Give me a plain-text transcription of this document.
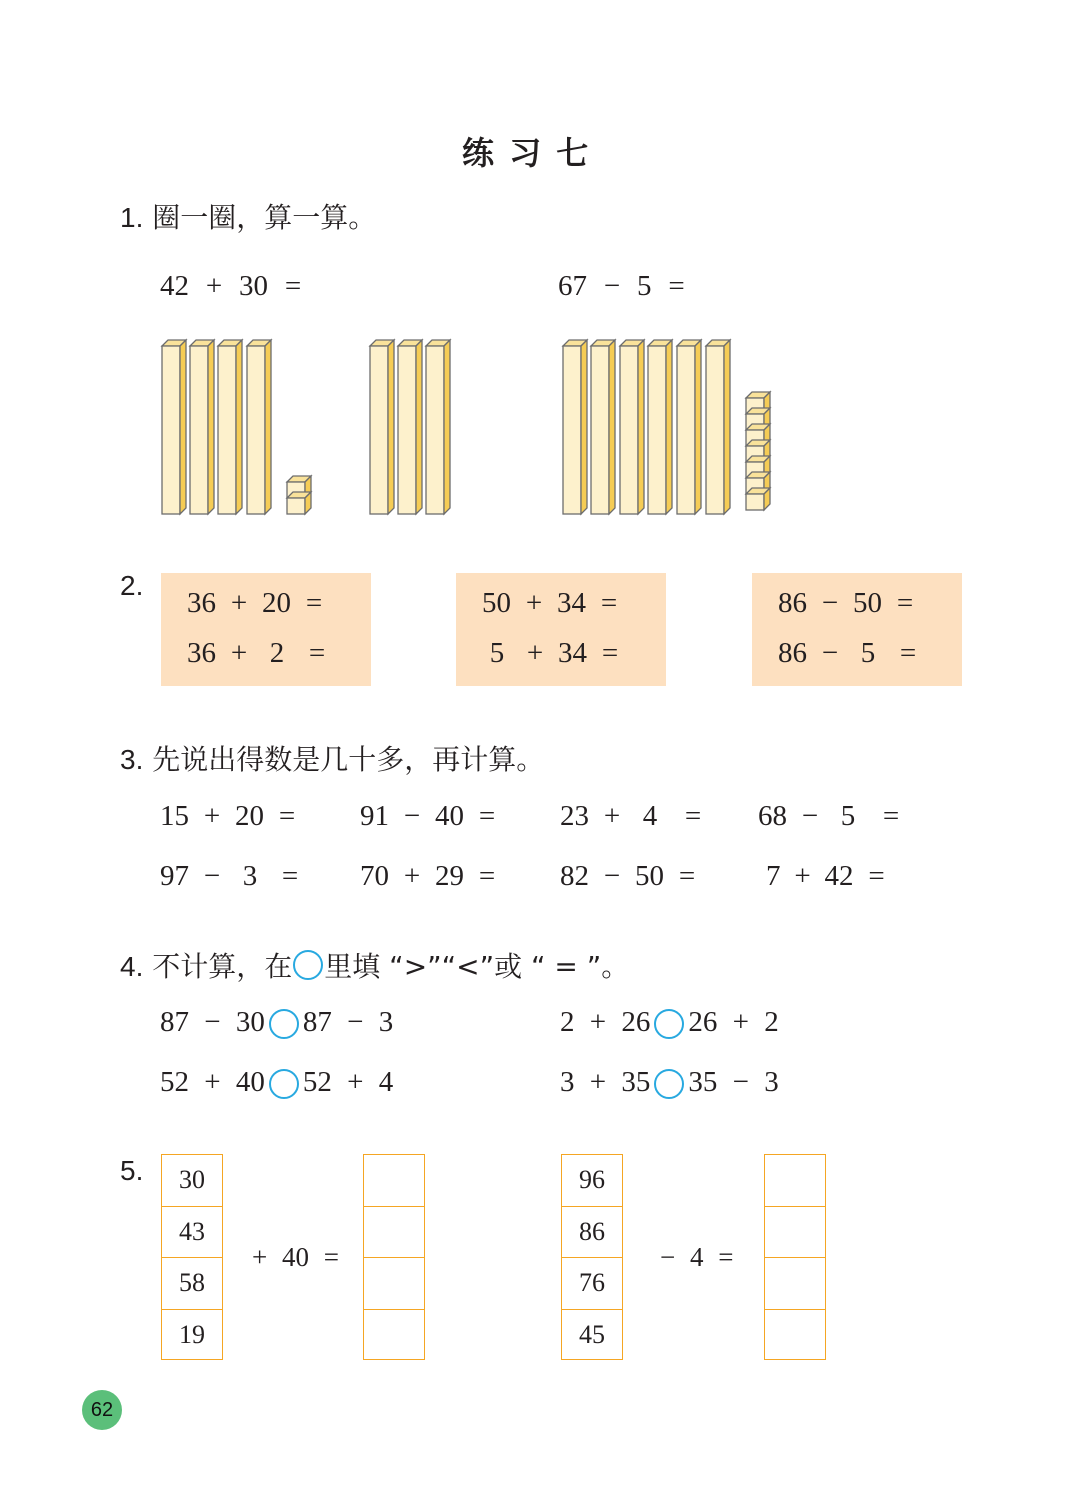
练 习 七
1. 圈一圈，算一算。
42 + 30 =	67 − 5 =
2.
36 + 20 =
36 + 2 =
50 + 34 =
5 + 34 =
86 − 50 =
86 − 5 =
3. 先说出得数是几十多，再计算。
15 + 20 =	91 − 40 =	23 + 4 =	68 − 5 =
97 − 3 =	70 + 29 =	82 − 50 =	7 + 42 =
4. 不计算，在 里填 “>”“<”或 “ = ”。
87 − 30 87 − 3	2 + 26 26 + 2
52 + 40 52 + 4	3 + 35 35 − 3
5.	30
43
58
19
+ 40 =
96
86
76
45
− 4 =
62
